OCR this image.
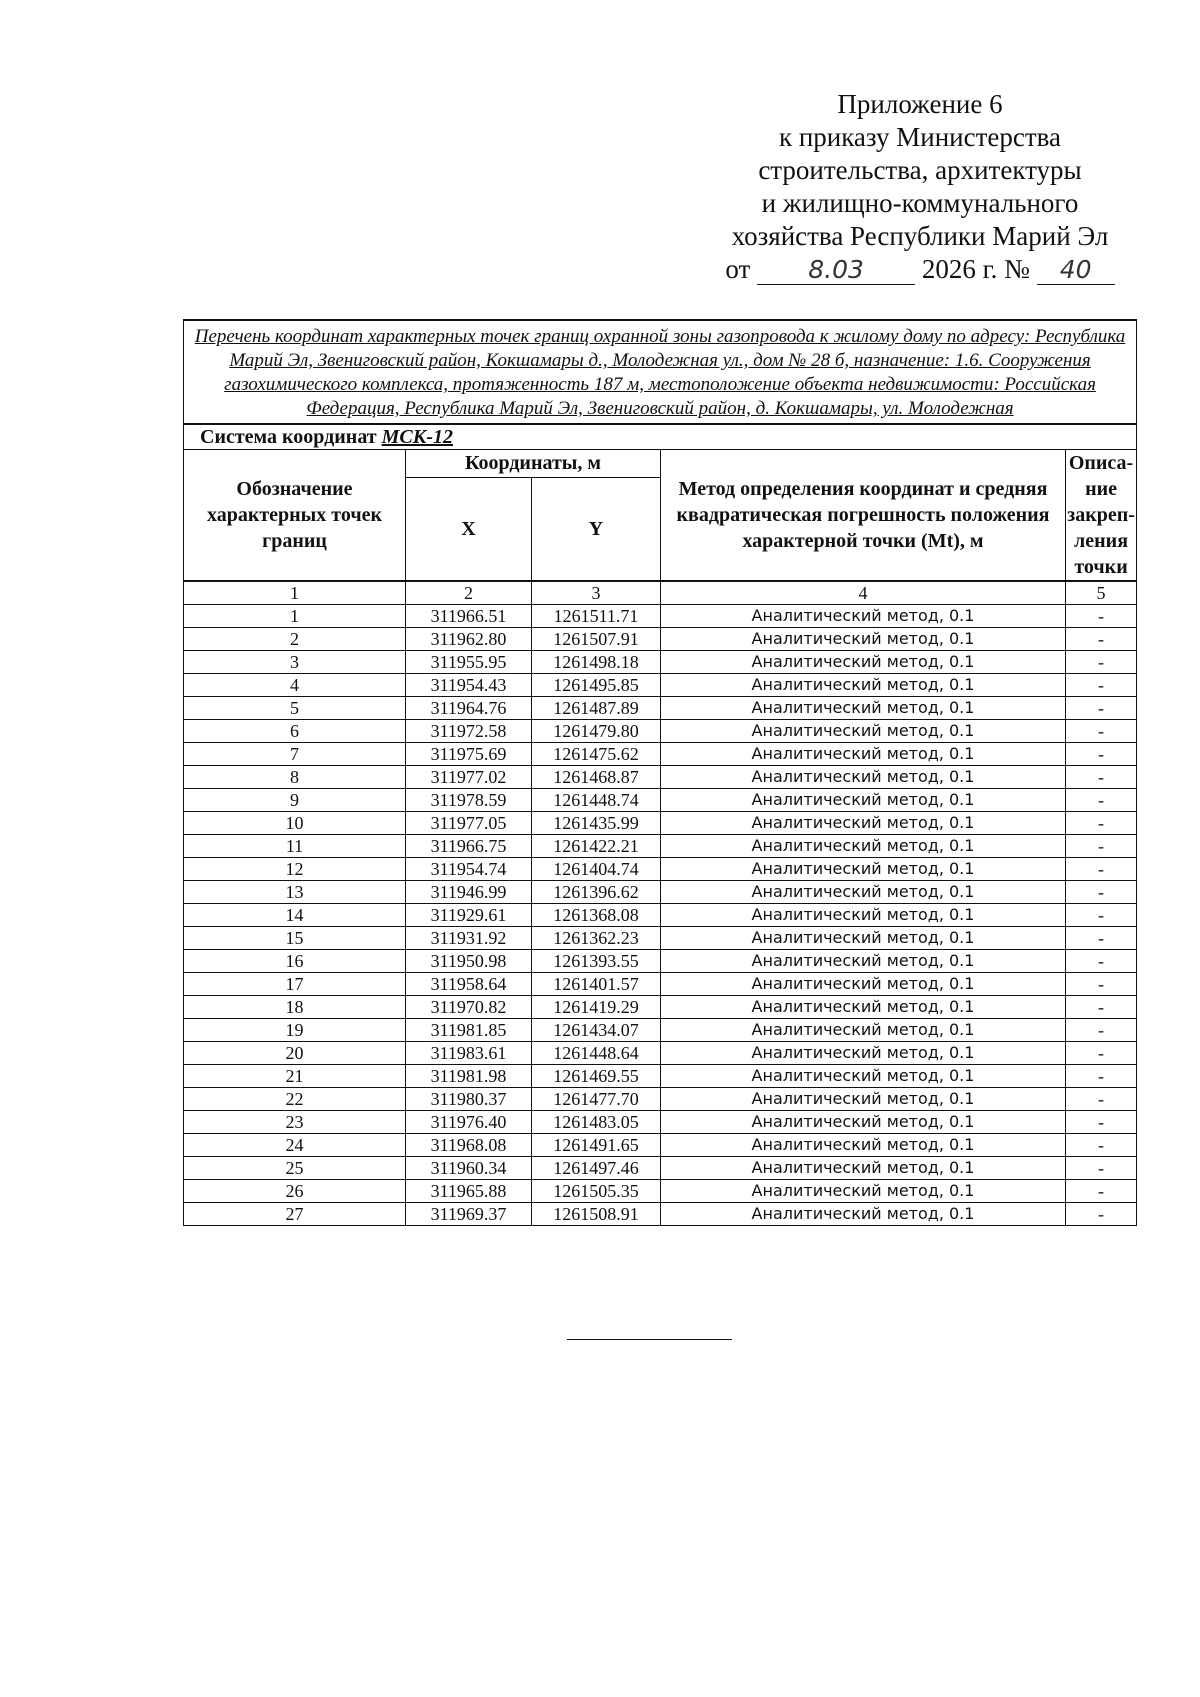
Приложение 6
к приказу Министерства
строительства, архитектуры
и жилищно-коммунального
хозяйства Республики Марий Эл
от 8.03 2026 г. № 40
Перечень координат характерных точек границ охранной зоны газопровода к жилому дому по адресу: Республика Марий Эл, Звениговский район, Кокшамары д., Молодежная ул., дом № 28 б, назначение: 1.6. Сооружения газохимического комплекса, протяженность 187 м, местоположение объекта недвижимости: Российская Федерация, Республика Марий Эл, Звениговский район, д. Кокшамары, ул. Молодежная				
Система координат МСК-12				
Обозначение характерных точек границ	Координаты, м		Метод определения координат и средняя квадратическая погрешность положения характерной точки (Mt), м	Описа-ние закреп-ления точки
	X	Y		
1	2	3	4	5
1	311966.51	1261511.71	Аналитический метод, 0.1	-
2	311962.80	1261507.91	Аналитический метод, 0.1	-
3	311955.95	1261498.18	Аналитический метод, 0.1	-
4	311954.43	1261495.85	Аналитический метод, 0.1	-
5	311964.76	1261487.89	Аналитический метод, 0.1	-
6	311972.58	1261479.80	Аналитический метод, 0.1	-
7	311975.69	1261475.62	Аналитический метод, 0.1	-
8	311977.02	1261468.87	Аналитический метод, 0.1	-
9	311978.59	1261448.74	Аналитический метод, 0.1	-
10	311977.05	1261435.99	Аналитический метод, 0.1	-
11	311966.75	1261422.21	Аналитический метод, 0.1	-
12	311954.74	1261404.74	Аналитический метод, 0.1	-
13	311946.99	1261396.62	Аналитический метод, 0.1	-
14	311929.61	1261368.08	Аналитический метод, 0.1	-
15	311931.92	1261362.23	Аналитический метод, 0.1	-
16	311950.98	1261393.55	Аналитический метод, 0.1	-
17	311958.64	1261401.57	Аналитический метод, 0.1	-
18	311970.82	1261419.29	Аналитический метод, 0.1	-
19	311981.85	1261434.07	Аналитический метод, 0.1	-
20	311983.61	1261448.64	Аналитический метод, 0.1	-
21	311981.98	1261469.55	Аналитический метод, 0.1	-
22	311980.37	1261477.70	Аналитический метод, 0.1	-
23	311976.40	1261483.05	Аналитический метод, 0.1	-
24	311968.08	1261491.65	Аналитический метод, 0.1	-
25	311960.34	1261497.46	Аналитический метод, 0.1	-
26	311965.88	1261505.35	Аналитический метод, 0.1	-
27	311969.37	1261508.91	Аналитический метод, 0.1	-
